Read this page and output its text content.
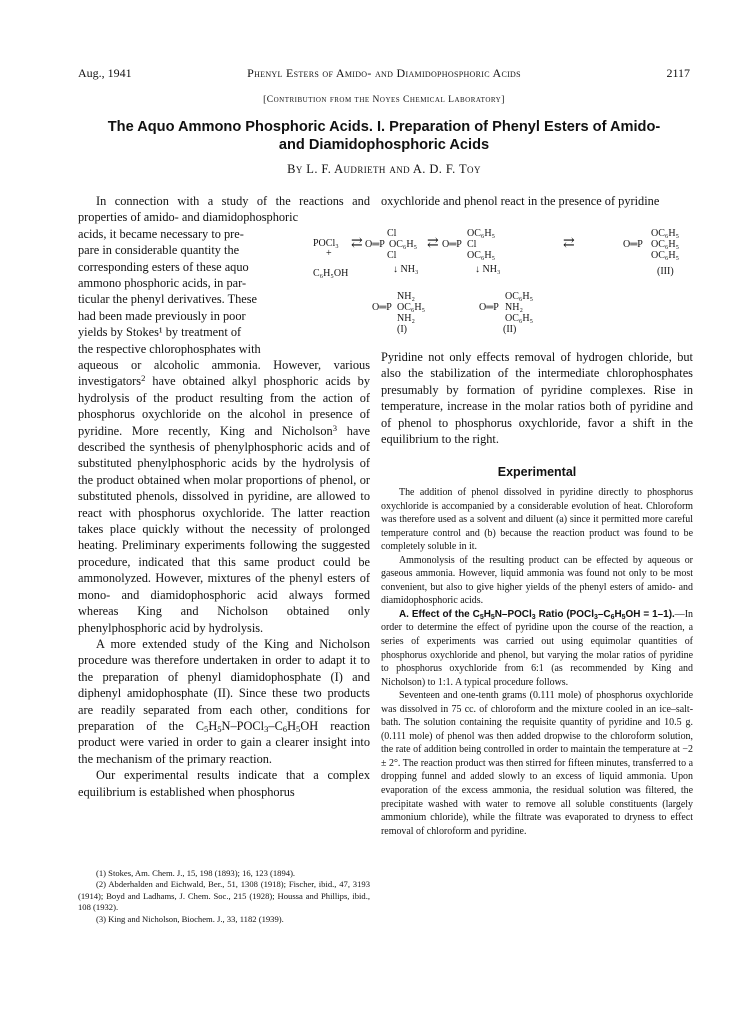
Aug., 1941	Phenyl Esters of Amido- and Diamidophosphoric Acids	2117
[Contribution from the Noyes Chemical Laboratory]
The Aquo Ammono Phosphoric Acids. I. Preparation of Phenyl Esters of Amido-
and Diamidophosphoric Acids
By L. F. Audrieth and A. D. F. Toy

In connection with a study of the reactions and properties of amido- and diamidophosphoric

acids, it became necessary to pre-
pare in considerable quantity the
corresponding esters of these aquo
ammono phosphoric acids, in par-
ticular the phenyl derivatives. These
had been made previously in poor
yields by Stokes¹ by treatment of
the respective chlorophosphates with

aqueous or alcoholic ammonia. However, various investigators$^2$ have obtained alkyl phosphoric acids by hydrolysis of the product resulting from the action of phosphorus oxychloride on the alcohol in presence of pyridine. More recently, King and Nicholson$^3$ have described the synthesis of phenylphosphoric acids and of substituted phenylphosphoric acids by the hydrolysis of the product obtained when molar proportions of phenol, or substituted phenols, dissolved in pyridine, are allowed to react with phosphorus oxychloride. The latter reaction takes place quickly without the necessity of prolonged heating. Preliminary experiments following the suggested procedure, indicated that this same product could be ammonolyzed. However, mixtures of the phenyl esters of mono- and diamidophosphoric acid always formed whereas King and Nicholson obtained only phenylphosphoric acid by hydrolysis.

A more extended study of the King and Nicholson procedure was therefore undertaken in order to adapt it to the preparation of phenyl diamidophosphate (I) and diphenyl amidophosphate (II). Since these two products are readily separated from each other, conditions for preparation of the $C_5H_5N-POCl_3-C_6H_5OH$ reaction product were varied in order to gain a clearer insight into the mechanism of the primary reaction.

Our experimental results indicate that a complex equilibrium is established when phosphorus

(1) Stokes, Am. Chem. J., 15, 198 (1893); 16, 123 (1894).
(2) Abderhalden and Eichwald, Ber., 51, 1308 (1918); Fischer, ibid., 47, 3193 (1914); Boyd and Ladhams, J. Chem. Soc., 215 (1928); Houssa and Phillips, ibid., 108 (1932).
(3) King and Nicholson, Biochem. J., 33, 1182 (1939).

oxychloride and phenol react in the presence of pyridine

POCl₃
+
C₆H₅OH
⇄
Cl
O═P OC₆H₅
Cl
⇄
OC₆H₅
O═P Cl
OC₆H₅
⇄
OC₆H₅
O═P OC₆H₅
OC₆H₅
(III)
↓ NH₃	↓ NH₃
NH₂
O═P OC₆H₅
NH₂
(I)
OC₆H₅
O═P NH₂
OC₆H₅
(II)

Pyridine not only effects removal of hydrogen chloride, but also the stabilization of the intermediate chlorophosphates presumably by formation of pyridine complexes. Rise in temperature, increase in the molar ratios both of pyridine and of phenol to phosphorus oxychloride, favor a shift in the equilibrium to the right.

Experimental

The addition of phenol dissolved in pyridine directly to phosphorus oxychloride is accompanied by a considerable evolution of heat. Chloroform was therefore used as a solvent and diluent (a) since it permitted more careful temperature control and (b) because the reaction product was found to be completely soluble in it.

Ammonolysis of the resulting product can be effected by aqueous or gaseous ammonia. However, liquid ammonia was found not only to be most convenient, but also to give higher yields of the phenyl esters of amido- and diamidophosphoric acids.

A. Effect of the $C_5H_5N-POCl_3$ Ratio ($POCl_3-C_6H_5OH$ = 1–1).—In order to determine the effect of pyridine upon the course of the reaction, a series of experiments was carried out using equimolar quantities of phosphorus oxychloride and phenol, but varying the molar ratios of pyridine to phosphorus oxychloride from 6:1 (as recommended by King and Nicholson) to 1:1. A typical procedure follows.

Seventeen and one-tenth grams (0.111 mole) of phosphorus oxychloride was dissolved in 75 cc. of chloroform and the mixture cooled in an ice–salt-bath. The solution containing the requisite quantity of pyridine and 10.5 g. (0.111 mole) of phenol was then added dropwise to the chloroform solution, the rate of addition being controlled in order to maintain the temperature at −2 ± 2°. The reaction product was then stirred for fifteen minutes, transferred to a dropping funnel and added slowly to an excess of liquid ammonia. Upon evaporation of the excess ammonia, the residual solution was filtered, the precipitate washed with water to remove all soluble constituents (largely ammonium chloride), while the filtrate was evaporated to dryness to effect removal of chloroform and pyridine.
